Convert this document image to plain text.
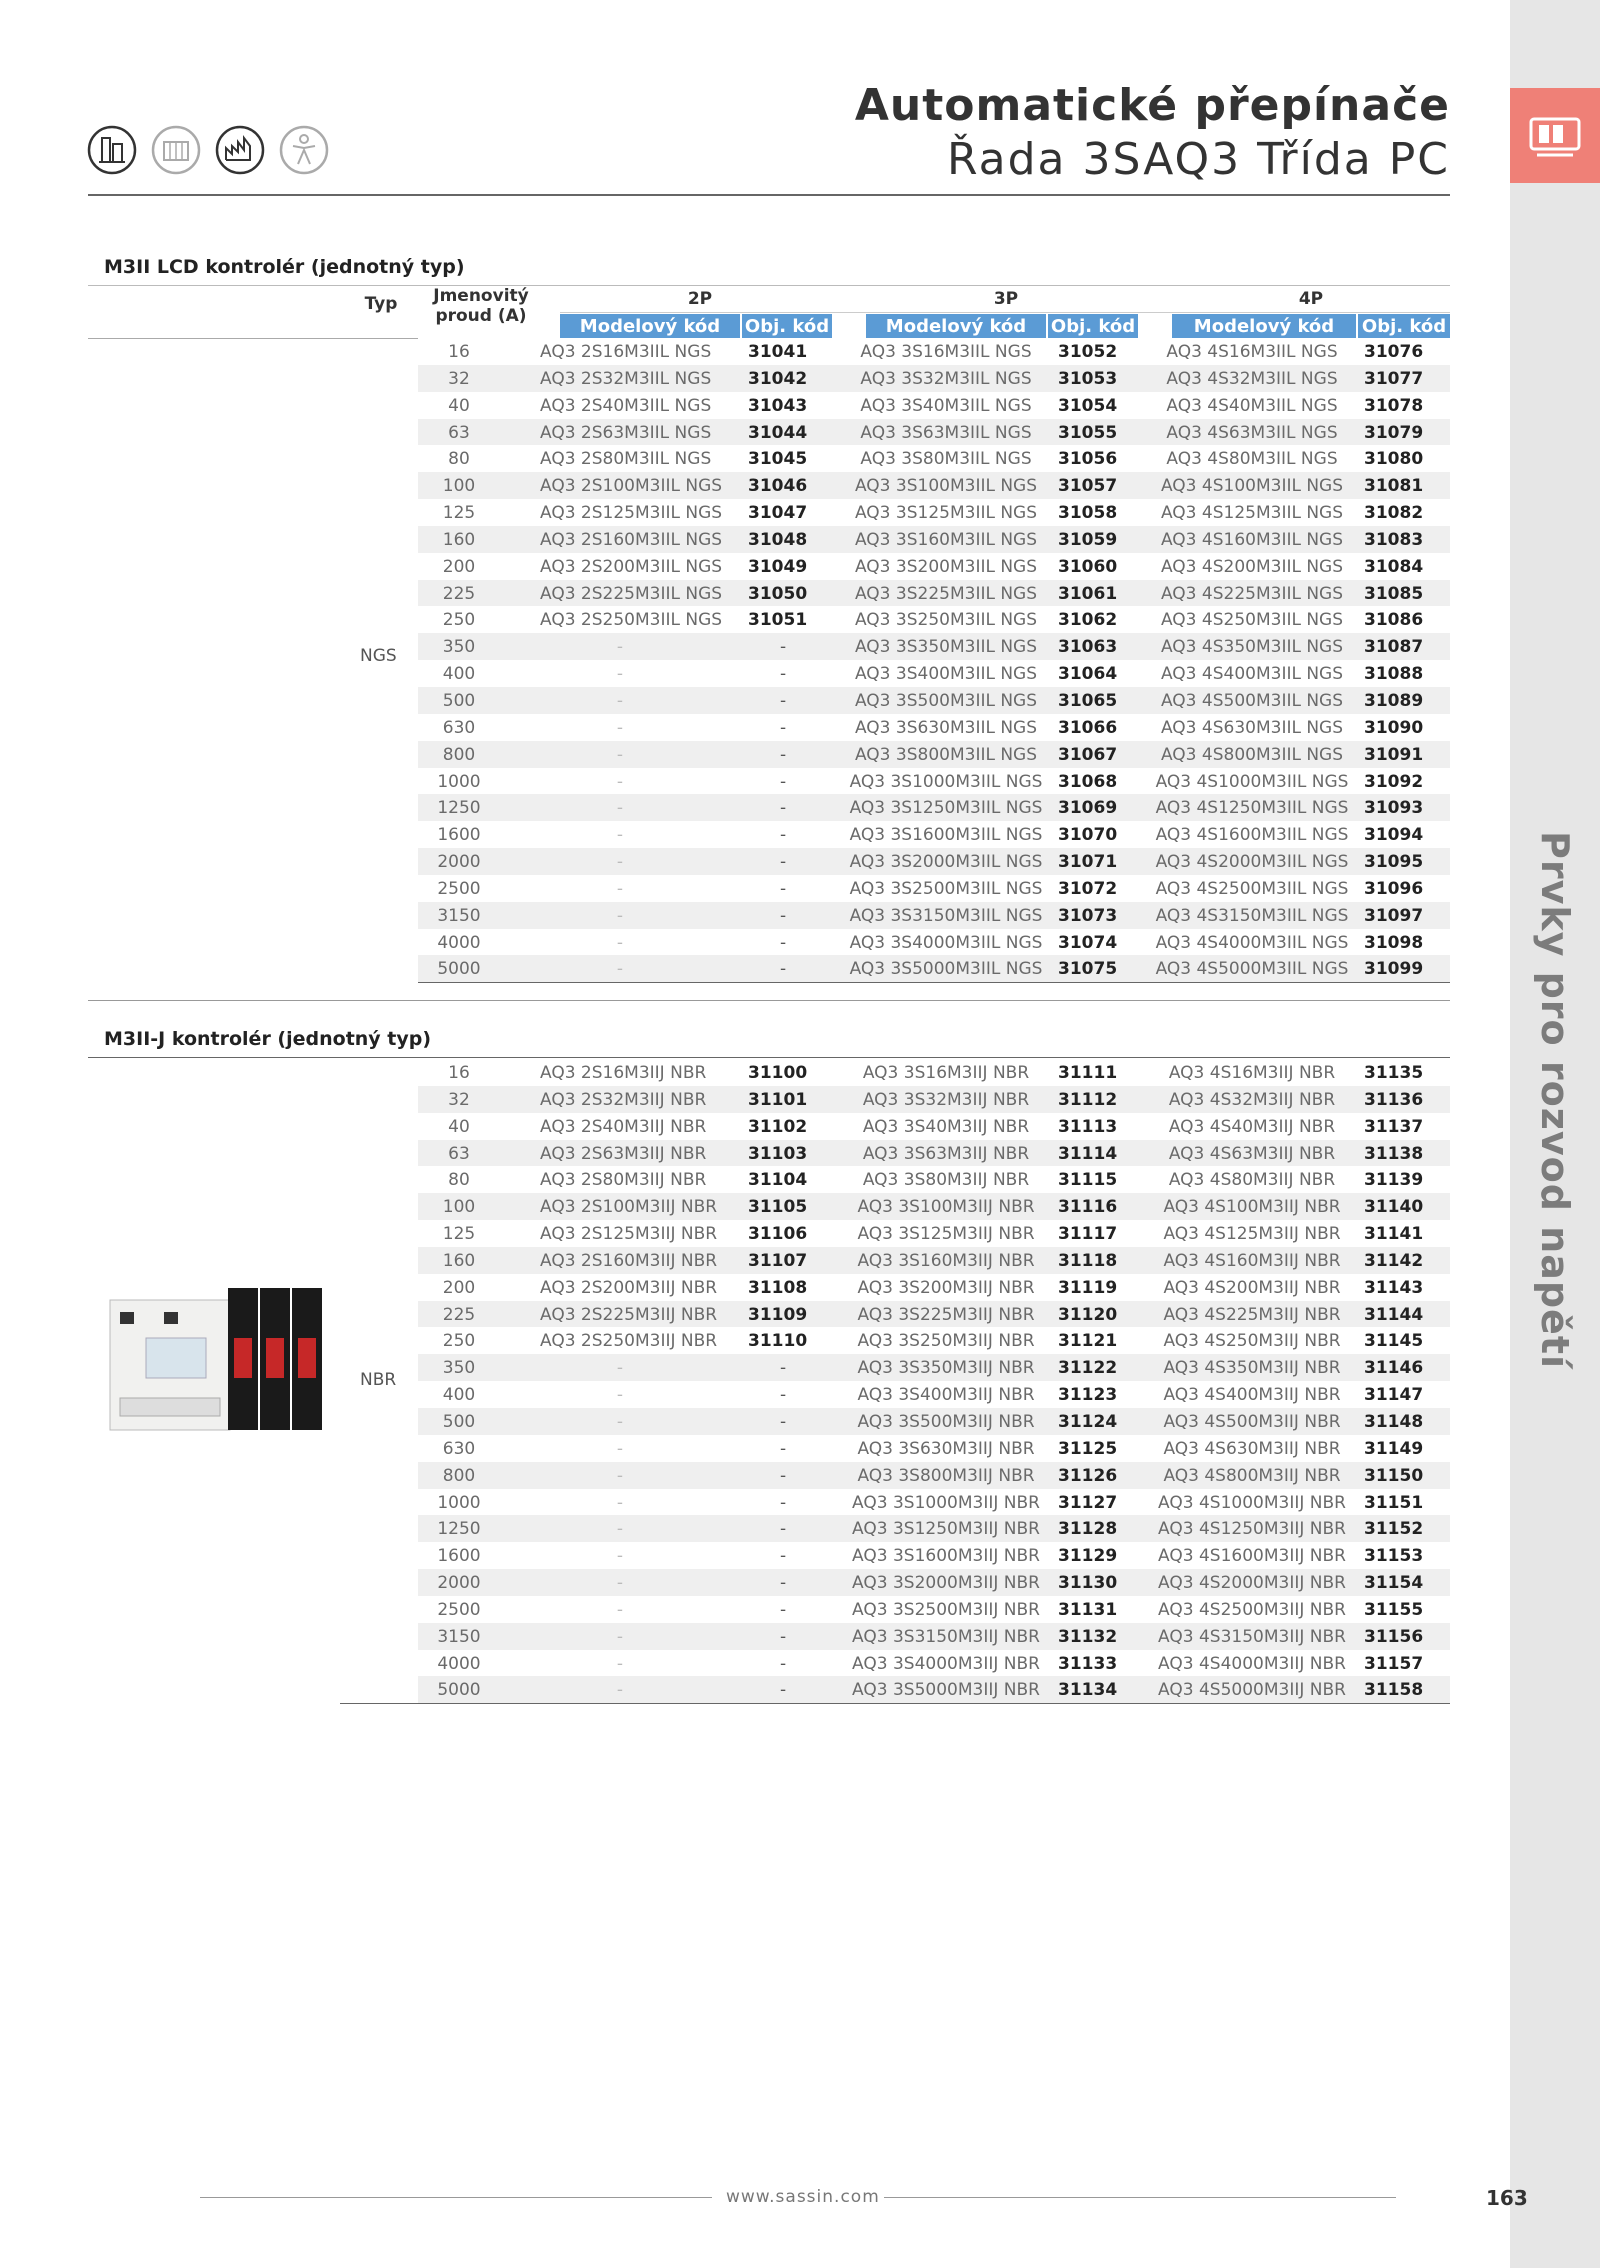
Prvky pro rozvod napětí
Automatické přepínače
Řada 3SAQ3 Třída PC
M3II LCD kontrolér (jednotný typ)
Typ	Jmenovitý proud (A)
2P	3P	4P
Modelový kód	Obj. kód	Modelový kód	Obj. kód	Modelový kód	Obj. kód
NGS
16	AQ3 2S16M3IIL NGS 31041	AQ3 3S16M3IIL NGS	31052	AQ3 4S16M3IIL NGS	31076
32	AQ3 2S32M3IIL NGS 31042	AQ3 3S32M3IIL NGS	31053	AQ3 4S32M3IIL NGS	31077
40	AQ3 2S40M3IIL NGS 31043	AQ3 3S40M3IIL NGS	31054	AQ3 4S40M3IIL NGS	31078
63	AQ3 2S63M3IIL NGS 31044	AQ3 3S63M3IIL NGS	31055	AQ3 4S63M3IIL NGS	31079
80	AQ3 2S80M3IIL NGS 31045	AQ3 3S80M3IIL NGS	31056	AQ3 4S80M3IIL NGS	31080
100	AQ3 2S100M3IIL NGS 31046	AQ3 3S100M3IIL NGS	31057	AQ3 4S100M3IIL NGS	31081
125	AQ3 2S125M3IIL NGS 31047	AQ3 3S125M3IIL NGS	31058	AQ3 4S125M3IIL NGS	31082
160	AQ3 2S160M3IIL NGS 31048	AQ3 3S160M3IIL NGS	31059	AQ3 4S160M3IIL NGS	31083
200	AQ3 2S200M3IIL NGS 31049	AQ3 3S200M3IIL NGS	31060	AQ3 4S200M3IIL NGS	31084
225	AQ3 2S225M3IIL NGS 31050	AQ3 3S225M3IIL NGS	31061	AQ3 4S225M3IIL NGS	31085
250	AQ3 2S250M3IIL NGS 31051	AQ3 3S250M3IIL NGS	31062	AQ3 4S250M3IIL NGS	31086
350	-	-	AQ3 3S350M3IIL NGS	31063	AQ3 4S350M3IIL NGS	31087
400	-	-	AQ3 3S400M3IIL NGS	31064	AQ3 4S400M3IIL NGS	31088
500	-	-	AQ3 3S500M3IIL NGS	31065	AQ3 4S500M3IIL NGS	31089
630	-	-	AQ3 3S630M3IIL NGS	31066	AQ3 4S630M3IIL NGS	31090
800	-	-	AQ3 3S800M3IIL NGS	31067	AQ3 4S800M3IIL NGS	31091
1000	-	-	AQ3 3S1000M3IIL NGS 31068	AQ3 4S1000M3IIL NGS 31092
1250	-	-	AQ3 3S1250M3IIL NGS 31069	AQ3 4S1250M3IIL NGS 31093
1600	-	-	AQ3 3S1600M3IIL NGS 31070	AQ3 4S1600M3IIL NGS 31094
2000	-	-	AQ3 3S2000M3IIL NGS 31071	AQ3 4S2000M3IIL NGS 31095
2500	-	-	AQ3 3S2500M3IIL NGS 31072	AQ3 4S2500M3IIL NGS 31096
3150	-	-	AQ3 3S3150M3IIL NGS 31073	AQ3 4S3150M3IIL NGS 31097
4000	-	-	AQ3 3S4000M3IIL NGS 31074	AQ3 4S4000M3IIL NGS 31098
5000	-	-	AQ3 3S5000M3IIL NGS 31075	AQ3 4S5000M3IIL NGS 31099
M3II-J kontrolér (jednotný typ)
NBR
16	AQ3 2S16M3IIJ NBR 31100	AQ3 3S16M3IIJ NBR	31111	AQ3 4S16M3IIJ NBR	31135
32	AQ3 2S32M3IIJ NBR 31101	AQ3 3S32M3IIJ NBR	31112	AQ3 4S32M3IIJ NBR	31136
40	AQ3 2S40M3IIJ NBR 31102	AQ3 3S40M3IIJ NBR	31113	AQ3 4S40M3IIJ NBR	31137
63	AQ3 2S63M3IIJ NBR 31103	AQ3 3S63M3IIJ NBR	31114	AQ3 4S63M3IIJ NBR	31138
80	AQ3 2S80M3IIJ NBR 31104	AQ3 3S80M3IIJ NBR	31115	AQ3 4S80M3IIJ NBR	31139
100	AQ3 2S100M3IIJ NBR 31105	AQ3 3S100M3IIJ NBR	31116	AQ3 4S100M3IIJ NBR	31140
125	AQ3 2S125M3IIJ NBR 31106	AQ3 3S125M3IIJ NBR	31117	AQ3 4S125M3IIJ NBR	31141
160	AQ3 2S160M3IIJ NBR 31107	AQ3 3S160M3IIJ NBR	31118	AQ3 4S160M3IIJ NBR	31142
200	AQ3 2S200M3IIJ NBR 31108	AQ3 3S200M3IIJ NBR	31119	AQ3 4S200M3IIJ NBR	31143
225	AQ3 2S225M3IIJ NBR 31109	AQ3 3S225M3IIJ NBR	31120	AQ3 4S225M3IIJ NBR	31144
250	AQ3 2S250M3IIJ NBR 31110	AQ3 3S250M3IIJ NBR	31121	AQ3 4S250M3IIJ NBR	31145
350	-	-	AQ3 3S350M3IIJ NBR	31122	AQ3 4S350M3IIJ NBR	31146
400	-	-	AQ3 3S400M3IIJ NBR	31123	AQ3 4S400M3IIJ NBR	31147
500	-	-	AQ3 3S500M3IIJ NBR	31124	AQ3 4S500M3IIJ NBR	31148
630	-	-	AQ3 3S630M3IIJ NBR	31125	AQ3 4S630M3IIJ NBR	31149
800	-	-	AQ3 3S800M3IIJ NBR	31126	AQ3 4S800M3IIJ NBR	31150
1000	-	-	AQ3 3S1000M3IIJ NBR	31127	AQ3 4S1000M3IIJ NBR	31151
1250	-	-	AQ3 3S1250M3IIJ NBR	31128	AQ3 4S1250M3IIJ NBR	31152
1600	-	-	AQ3 3S1600M3IIJ NBR	31129	AQ3 4S1600M3IIJ NBR	31153
2000	-	-	AQ3 3S2000M3IIJ NBR	31130	AQ3 4S2000M3IIJ NBR	31154
2500	-	-	AQ3 3S2500M3IIJ NBR	31131	AQ3 4S2500M3IIJ NBR	31155
3150	-	-	AQ3 3S3150M3IIJ NBR	31132	AQ3 4S3150M3IIJ NBR	31156
4000	-	-	AQ3 3S4000M3IIJ NBR	31133	AQ3 4S4000M3IIJ NBR	31157
5000	-	-	AQ3 3S5000M3IIJ NBR	31134	AQ3 4S5000M3IIJ NBR	31158
www.sassin.com	163
